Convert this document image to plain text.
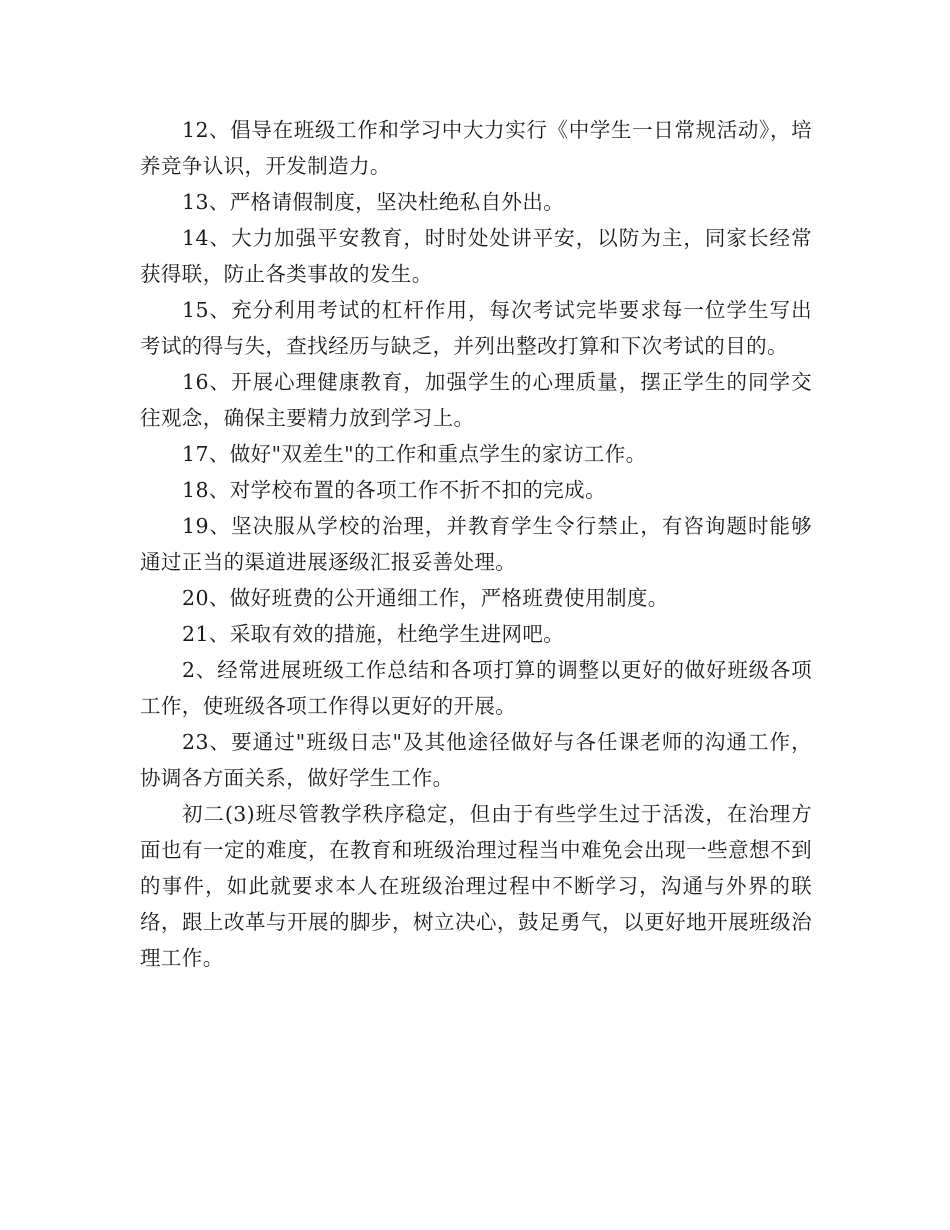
12、倡导在班级工作和学习中大力实行《中学生一日常规活动》，培养竞争认识，开发制造力。

13、严格请假制度，坚决杜绝私自外出。

14、大力加强平安教育，时时处处讲平安，以防为主，同家长经常获得联，防止各类事故的发生。

15、充分利用考试的杠杆作用，每次考试完毕要求每一位学生写出考试的得与失，查找经历与缺乏，并列出整改打算和下次考试的目的。

16、开展心理健康教育，加强学生的心理质量，摆正学生的同学交往观念，确保主要精力放到学习上。

17、做好"双差生"的工作和重点学生的家访工作。

18、对学校布置的各项工作不折不扣的完成。

19、坚决服从学校的治理，并教育学生令行禁止，有咨询题时能够通过正当的渠道进展逐级汇报妥善处理。

20、做好班费的公开通细工作，严格班费使用制度。

21、采取有效的措施，杜绝学生进网吧。

2、经常进展班级工作总结和各项打算的调整以更好的做好班级各项工作，使班级各项工作得以更好的开展。

23、要通过"班级日志"及其他途径做好与各任课老师的沟通工作，协调各方面关系，做好学生工作。

初二(3)班尽管教学秩序稳定，但由于有些学生过于活泼，在治理方面也有一定的难度，在教育和班级治理过程当中难免会出现一些意想不到的事件，如此就要求本人在班级治理过程中不断学习，沟通与外界的联络，跟上改革与开展的脚步，树立决心，鼓足勇气，以更好地开展班级治理工作。
